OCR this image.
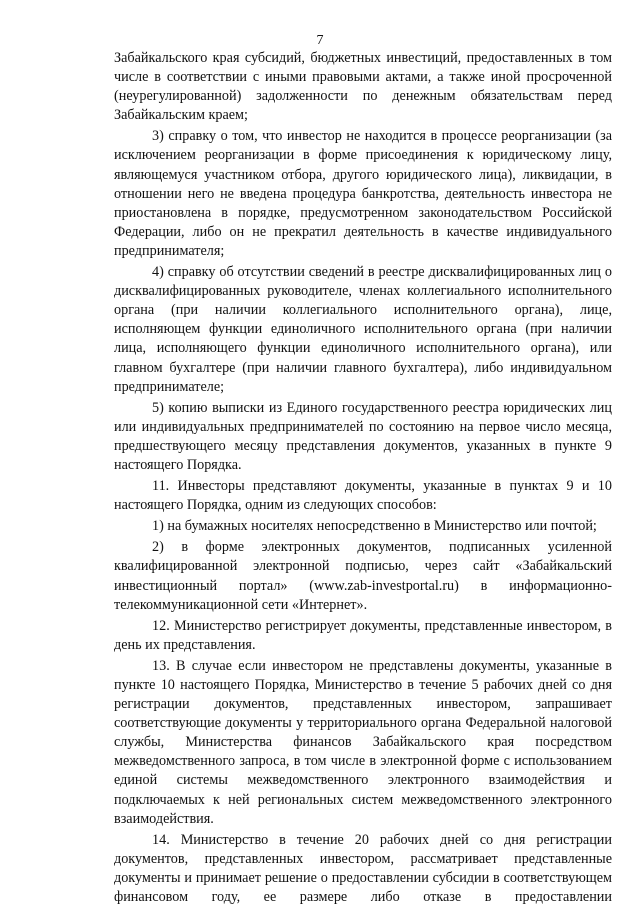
7

Забайкальского края субсидий, бюджетных инвестиций, предоставленных в том числе в соответствии с иными правовыми актами, а также иной просроченной (неурегулированной) задолженности по денежным обязательствам перед Забайкальским краем;

3) справку о том, что инвестор не находится в процессе реорганизации (за исключением реорганизации в форме присоединения к юридическому лицу, являющемуся участником отбора, другого юридического лица), ликвидации, в отношении него не введена процедура банкротства, деятельность инвестора не приостановлена в порядке, предусмотренном законодательством Российской Федерации, либо он не прекратил деятельность в качестве индивидуального предпринимателя;

4) справку об отсутствии сведений в реестре дисквалифицированных лиц о дисквалифицированных руководителе, членах коллегиального исполнительного органа (при наличии коллегиального исполнительного органа), лице, исполняющем функции единоличного исполнительного органа (при наличии лица, исполняющего функции единоличного исполнительного органа), или главном бухгалтере (при наличии главного бухгалтера), либо индивидуальном предпринимателе;

5) копию выписки из Единого государственного реестра юридических лиц или индивидуальных предпринимателей по состоянию на первое число месяца, предшествующего месяцу представления документов, указанных в пункте 9 настоящего Порядка.

11. Инвесторы представляют документы, указанные в пунктах 9 и 10 настоящего Порядка, одним из следующих способов:

1) на бумажных носителях непосредственно в Министерство или почтой;

2) в форме электронных документов, подписанных усиленной квалифицированной электронной подписью, через сайт «Забайкальский инвестиционный портал» (www.zab-investportal.ru) в информационно-телекоммуникационной сети «Интернет».

12. Министерство регистрирует документы, представленные инвестором, в день их представления.

13. В случае если инвестором не представлены документы, указанные в пункте 10 настоящего Порядка, Министерство в течение 5 рабочих дней со дня регистрации документов, представленных инвестором, запрашивает соответствующие документы у территориального органа Федеральной налоговой службы, Министерства финансов Забайкальского края посредством межведомственного запроса, в том числе в электронной форме с использованием единой системы межведомственного электронного взаимодействия и подключаемых к ней региональных систем межведомственного электронного взаимодействия.

14. Министерство в течение 20 рабочих дней со дня регистрации документов, представленных инвестором, рассматривает представленные документы и принимает решение о предоставлении субсидии в соответствующем финансовом году, ее размере либо отказе в предоставлении
